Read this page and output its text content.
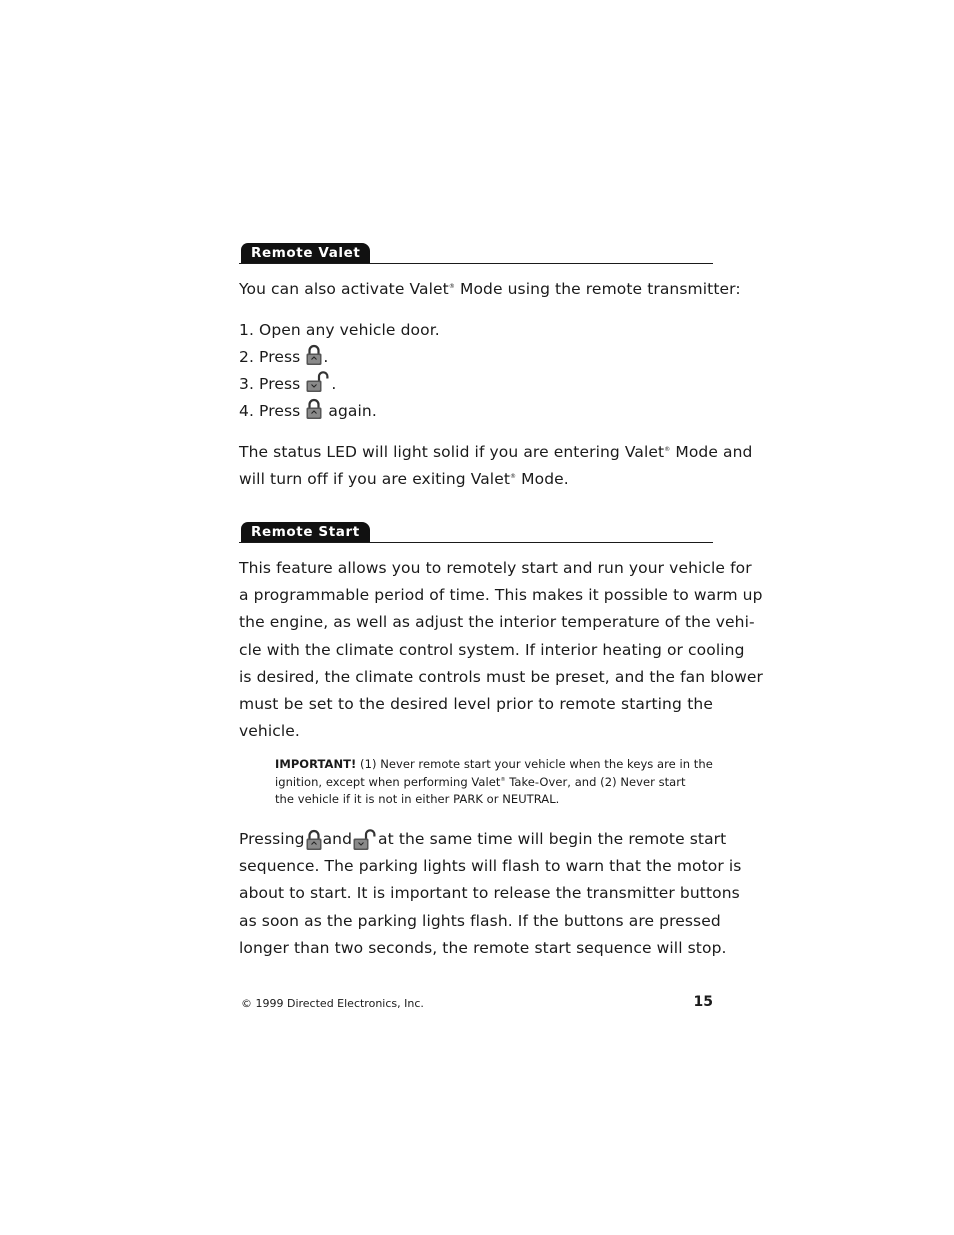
Remote Valet
You can also activate Valet® Mode using the remote transmitter:
1. Open any vehicle door.
2. Press .
3. Press .
4. Press again.
The status LED will light solid if you are entering Valet® Mode and
will turn off if you are exiting Valet® Mode.
Remote Start
This feature allows you to remotely start and run your vehicle for
a programmable period of time. This makes it possible to warm up
the engine, as well as adjust the interior temperature of the vehi-
cle with the climate control system. If interior heating or cooling
is desired, the climate controls must be preset, and the fan blower
must be set to the desired level prior to remote starting the
vehicle.
IMPORTANT! (1) Never remote start your vehicle when the keys are in the
ignition, except when performing Valet® Take-Over, and (2) Never start
the vehicle if it is not in either PARK or NEUTRAL.
Pressing and at the same time will begin the remote start
sequence. The parking lights will flash to warn that the motor is
about to start. It is important to release the transmitter buttons
as soon as the parking lights flash. If the buttons are pressed
longer than two seconds, the remote start sequence will stop.
© 1999 Directed Electronics, Inc.	15
